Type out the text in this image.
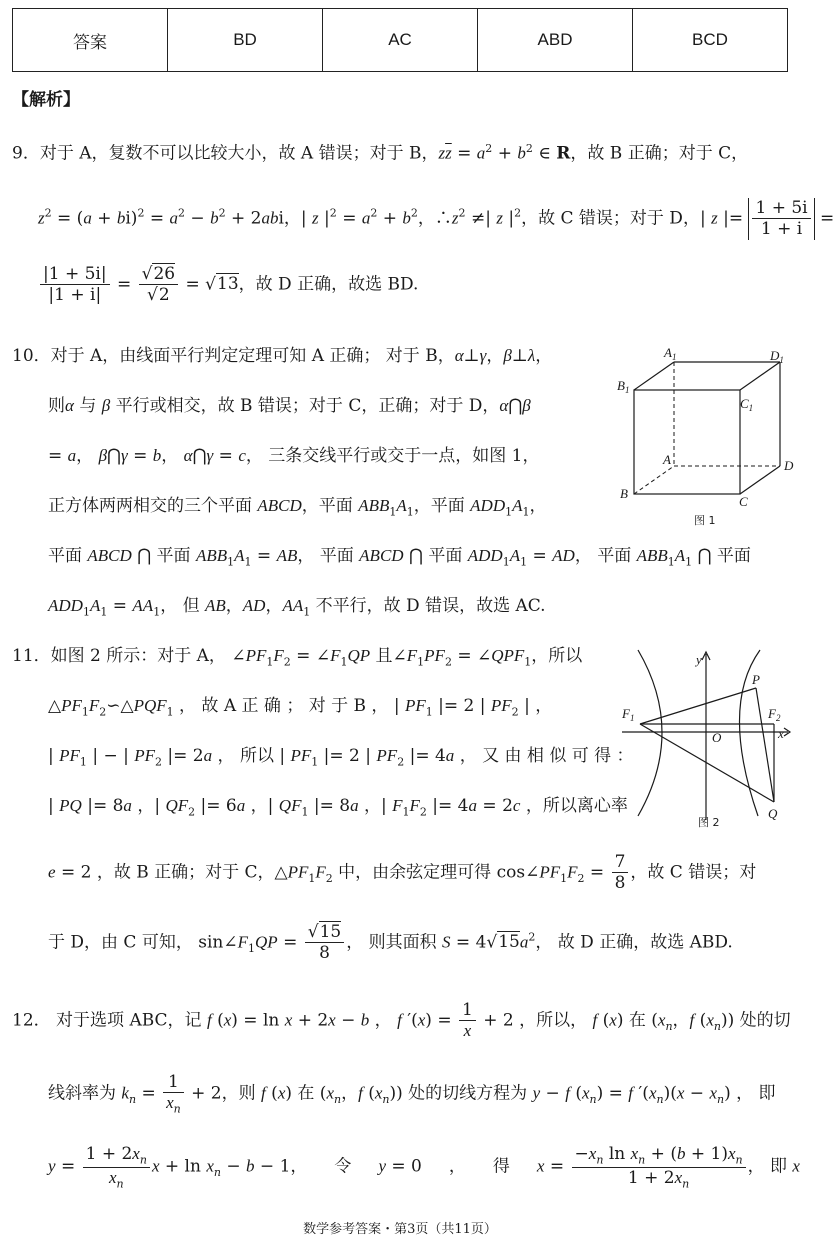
答案	BD	AC	ABD	BCD
【解析】
9．对于 A，复数不可以比较大小，故 A 错误；对于 B，$z\overline{z} = a^2 + b^2$ ∈ R，故 B 正确；对于 C，
$z^2 = (a + bi)^2 = a^2 - b^2 + 2abi$，| z $|^2 = a^2 + b^2$，$\therefore z^2$ ≠| z $|^2$，故 C 错误；对于 D，| z |= $\frac{1 + 5i}{1 + i}$ =
$\frac{|1 + 5i|}{|1 + i|} = \frac{√26}{√2} = √13$，故 D 正确，故选 BD.
10．对于 A，由线面平行判定定理可知 A 正确； 对于 B，α⊥γ，β⊥λ，
则α 与 β 平行或相交，故 B 错误；对于 C，正确；对于 D，α⋂β
= a， β⋂γ = b， α⋂γ = c， 三条交线平行或交于一点，如图 1，
正方体两两相交的三个平面 ABCD，平面 $ABB_1A_1$，平面 $ADD_1A_1$，
平面 ABCD ⋂ 平面 $ABB_1A_1$ = AB， 平面 ABCD ⋂ 平面 $ADD_1A_1$ = AD， 平面 $ABB_1A_1$ ⋂ 平面
$ADD_1A_1 = AA_1$， 但 AB，AD，$AA_1$ 不平行，故 D 错误，故选 AC.
$A_1$	$D_1$
$B_1$
$C_1$
A	D
B
C
图 1
11．如图 2 所示：对于 A， $\angle PF_1F_2$ = $\angle F_1QP$ 且$\angle F_1PF_2$ = $\angle QPF_1$，所以
$\triangle PF_1F_2∽\triangle PQF_1$ ， 故 A 正 确 ； 对 于 B ， | $PF_1$ |= 2 | $PF_2$ | ，
| $PF_1$ | − | $PF_2$ |= 2a ， 所以 | $PF_1$ |= 2 | $PF_2$ |= 4a ， 又 由 相 似 可 得 ：
| PQ |= 8a ，| $QF_2$ |= 6a ，| $QF_1$ |= 8a ，| $F_1F_2$ |= 4a = 2c ，所以离心率
e = 2 ，故 B 正确；对于 C，$\triangle PF_1F_2$ 中，由余弦定理可得 $\cos\angle PF_1F_2 = \frac{7}{8}$ ，故 C 错误；对
于 D，由 C 可知， $\sin\angle F_1QP = \frac{√15}{8}$ ， 则其面积 $S = 4√15a^2$， 故 D 正确，故选 ABD.
$F_1$
O
P
$F_2$
x
y
Q
图 2
12． 对于选项 ABC，记 f (x) = ln x + 2x − b ， f $'(x) = \frac{1}{x} + 2$ ，所以， f (x) 在 ($x_n$，f $(x_n)$) 处的切
线斜率为 $k_n = \frac{1}{x_n} + 2$，则 f (x) 在 ($x_n$，f $(x_n)$) 处的切线方程为 y − f $(x_n) = f$ $'(x_n)(x - x_n)$ ， 即
$y = \frac{1 + 2x_n}{x_n}$ $x + \ln x_n - b - 1$，     令     y = 0     ，     得     $x = \frac{-x_n \ln x_n + (b + 1)x_n}{1 + 2x_n}$ ， 即 x
数学参考答案・第3页（共11页）
